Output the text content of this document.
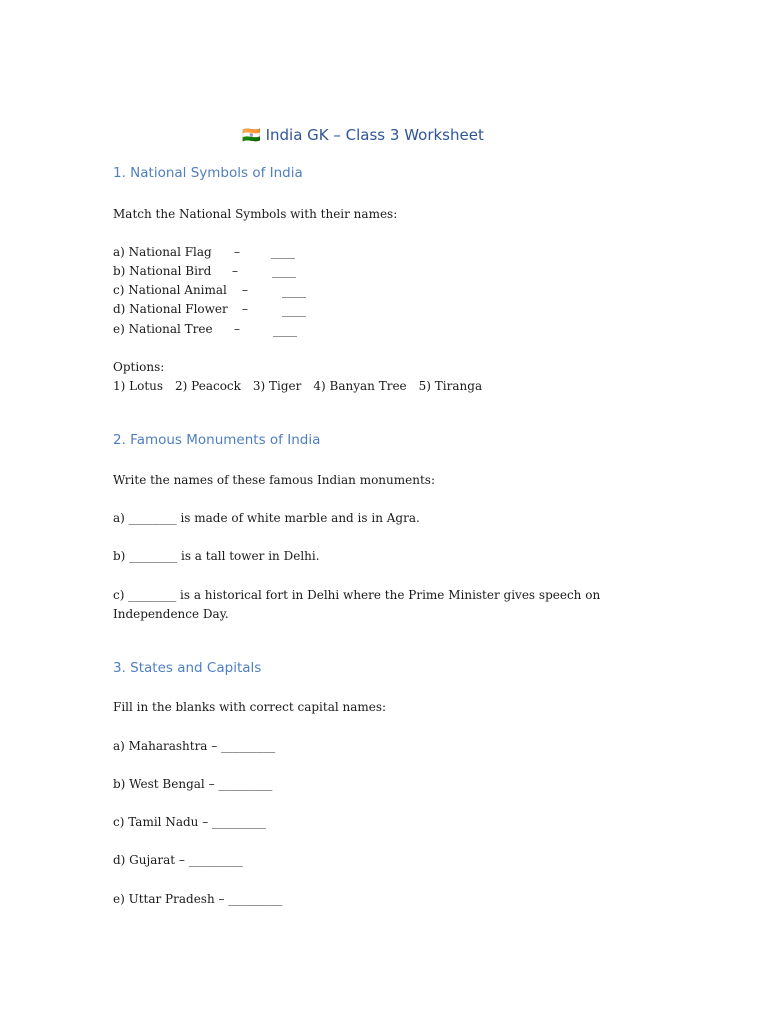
🇮🇳 India GK – Class 3 Worksheet
1. National Symbols of India
Match the National Symbols with their names:
a) National Flag –	____
b) National Bird –	____
c) National Animal –	____
d) National Flower –	____
e) National Tree –	____
Options:
1) Lotus 2) Peacock 3) Tiger 4) Banyan Tree 5) Tiranga
2. Famous Monuments of India
Write the names of these famous Indian monuments:
a) ________ is made of white marble and is in Agra.
b) ________ is a tall tower in Delhi.
c) ________ is a historical fort in Delhi where the Prime Minister gives speech on
Independence Day.
3. States and Capitals
Fill in the blanks with correct capital names:
a) Maharashtra – _________
b) West Bengal – _________
c) Tamil Nadu – _________
d) Gujarat – _________
e) Uttar Pradesh – _________
